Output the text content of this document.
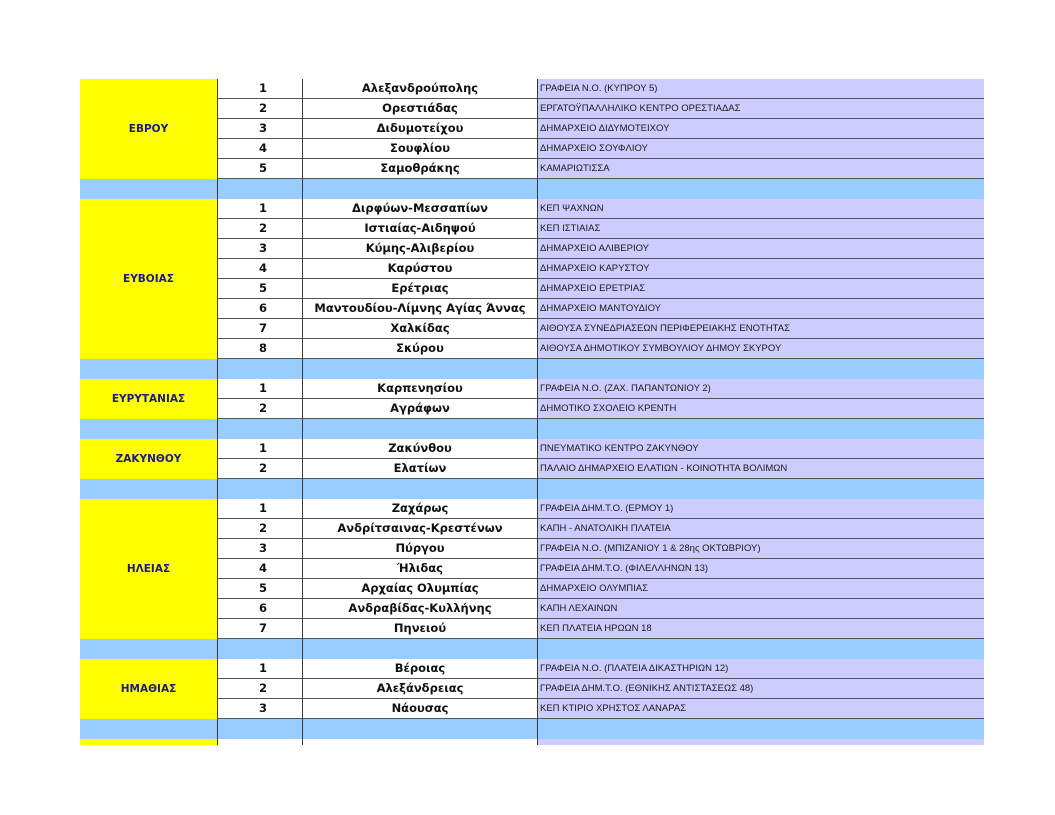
ΕΒΡΟΥ
1	Αλεξανδρούπολης	ΓΡΑΦΕΙΑ Ν.Ο. (ΚΥΠΡΟΥ 5)
2	Ορεστιάδας	ΕΡΓΑΤΟΫΠΑΛΛΗΛΙΚΟ ΚΕΝΤΡΟ ΟΡΕΣΤΙΑΔΑΣ
3	Διδυμοτείχου	ΔΗΜΑΡΧΕΙΟ ΔΙΔΥΜΟΤΕΙΧΟΥ
4	Σουφλίου	ΔΗΜΑΡΧΕΙΟ ΣΟΥΦΛΙΟΥ
5	Σαμοθράκης	ΚΑΜΑΡΙΩΤΙΣΣΑ
ΕΥΒΟΙΑΣ
1	Διρφύων-Μεσσαπίων	ΚΕΠ ΨΑΧΝΩΝ
2	Ιστιαίας-Αιδηψού	ΚΕΠ ΙΣΤΙΑΙΑΣ
3	Κύμης-Αλιβερίου	ΔΗΜΑΡΧΕΙΟ ΑΛΙΒΕΡΙΟΥ
4	Καρύστου	ΔΗΜΑΡΧΕΙΟ ΚΑΡΥΣΤΟΥ
5	Ερέτριας	ΔΗΜΑΡΧΕΙΟ ΕΡΕΤΡΙΑΣ
6	Μαντουδίου-Λίμνης Αγίας Άννας	ΔΗΜΑΡΧΕΙΟ ΜΑΝΤΟΥΔΙΟΥ
7	Χαλκίδας	ΑΙΘΟΥΣΑ ΣΥΝΕΔΡΙΑΣΕΩΝ ΠΕΡΙΦΕΡΕΙΑΚΗΣ ΕΝΟΤΗΤΑΣ
8	Σκύρου	ΑΙΘΟΥΣΑ ΔΗΜΟΤΙΚΟΥ ΣΥΜΒΟΥΛΙΟΥ ΔΗΜΟΥ ΣΚΥΡΟΥ
ΕΥΡΥΤΑΝΙΑΣ
1	Καρπενησίου	ΓΡΑΦΕΙΑ Ν.Ο. (ΖΑΧ. ΠΑΠΑΝΤΩΝΙΟΥ 2)
2	Αγράφων	ΔΗΜΟΤΙΚΟ ΣΧΟΛΕΙΟ ΚΡΕΝΤΗ
ΖΑΚΥΝΘΟΥ
1	Ζακύνθου	ΠΝΕΥΜΑΤΙΚΟ ΚΕΝΤΡΟ ΖΑΚΥΝΘΟΥ
2	Ελατίων	ΠΑΛΑΙΟ ΔΗΜΑΡΧΕΙΟ ΕΛΑΤΙΩΝ - ΚΟΙΝΟΤΗΤΑ ΒΟΛΙΜΩΝ
ΗΛΕΙΑΣ
1	Ζαχάρως	ΓΡΑΦΕΙΑ ΔΗΜ.Τ.Ο. (ΕΡΜΟΥ 1)
2	Ανδρίτσαινας-Κρεστένων	ΚΑΠΗ - ΑΝΑΤΟΛΙΚΗ ΠΛΑΤΕΙΑ
3	Πύργου	ΓΡΑΦΕΙΑ Ν.Ο. (ΜΠΙΖΑΝΙΟΥ 1 & 28ης ΟΚΤΩΒΡΙΟΥ)
4	Ήλιδας	ΓΡΑΦΕΙΑ ΔΗΜ.Τ.Ο. (ΦΙΛΕΛΛΗΝΩΝ 13)
5	Αρχαίας Ολυμπίας	ΔΗΜΑΡΧΕΙΟ ΟΛΥΜΠΙΑΣ
6	Ανδραβίδας-Κυλλήνης	ΚΑΠΗ ΛΕΧΑΙΝΩΝ
7	Πηνειού	ΚΕΠ ΠΛΑΤΕΙΑ ΗΡΩΩΝ 18
ΗΜΑΘΙΑΣ
1	Βέροιας	ΓΡΑΦΕΙΑ Ν.Ο. (ΠΛΑΤΕΙΑ ΔΙΚΑΣΤΗΡΙΩΝ 12)
2	Αλεξάνδρειας	ΓΡΑΦΕΙΑ ΔΗΜ.Τ.Ο. (ΕΘΝΙΚΗΣ ΑΝΤΙΣΤΑΣΕΩΣ 48)
3	Νάουσας	ΚΕΠ ΚΤΙΡΙΟ ΧΡΗΣΤΟΣ ΛΑΝΑΡΑΣ
